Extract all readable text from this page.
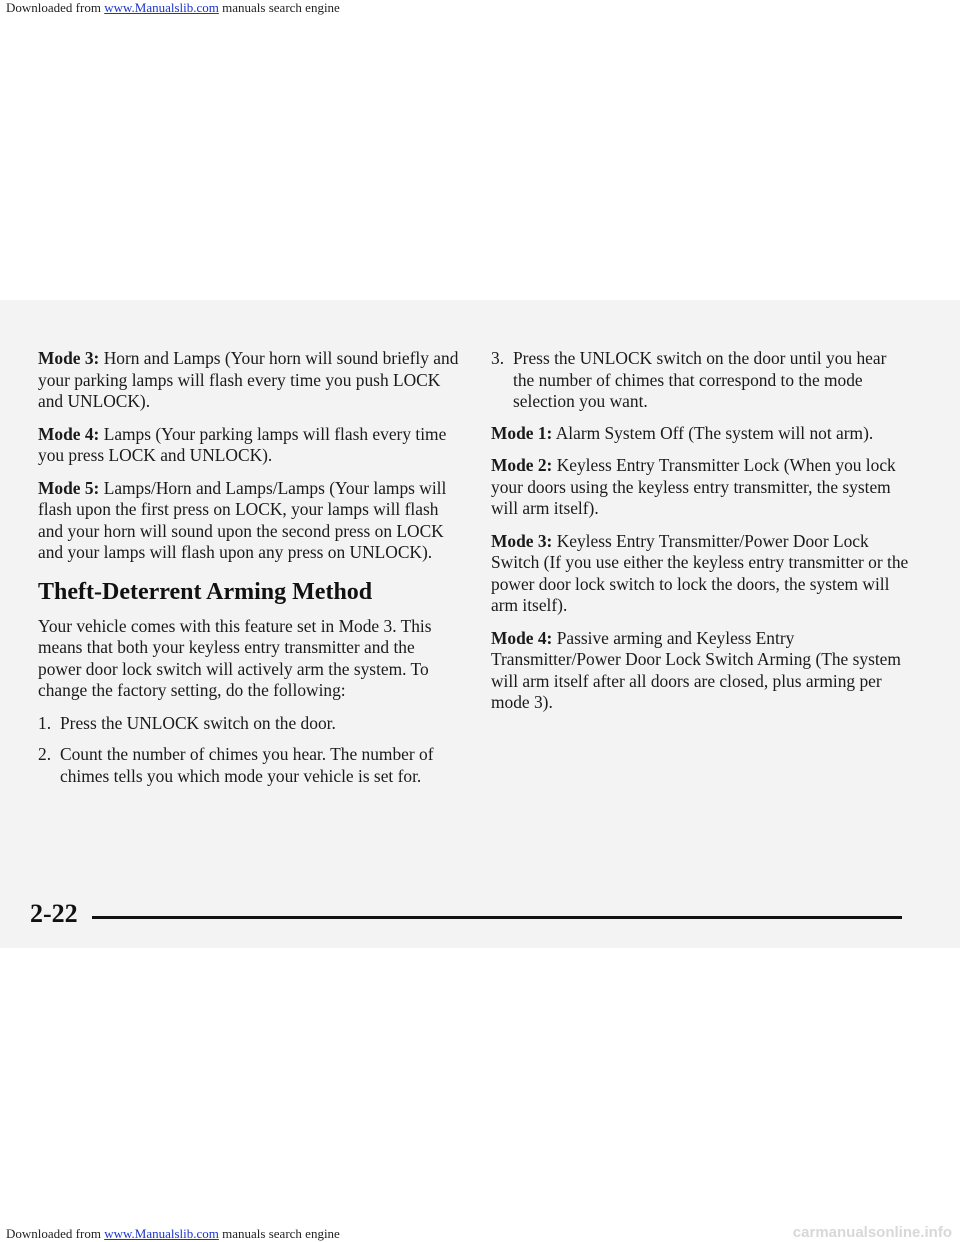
Downloaded from www.Manualslib.com manuals search engine

Mode 3: Horn and Lamps (Your horn will sound briefly and your parking lamps will flash every time you push LOCK and UNLOCK).

Mode 4: Lamps (Your parking lamps will flash every time you press LOCK and UNLOCK).

Mode 5: Lamps/Horn and Lamps/Lamps (Your lamps will flash upon the first press on LOCK, your lamps will flash and your horn will sound upon the second press on LOCK and your lamps will flash upon any press on UNLOCK).

Theft-Deterrent Arming Method

Your vehicle comes with this feature set in Mode 3. This means that both your keyless entry transmitter and the power door lock switch will actively arm the system. To change the factory setting, do the following:

1. Press the UNLOCK switch on the door.
2. Count the number of chimes you hear. The number of chimes tells you which mode your vehicle is set for.
3. Press the UNLOCK switch on the door until you hear the number of chimes that correspond to the mode selection you want.

Mode 1: Alarm System Off (The system will not arm).

Mode 2: Keyless Entry Transmitter Lock (When you lock your doors using the keyless entry transmitter, the system will arm itself).

Mode 3: Keyless Entry Transmitter/Power Door Lock Switch (If you use either the keyless entry transmitter or the power door lock switch to lock the doors, the system will arm itself).

Mode 4: Passive arming and Keyless Entry Transmitter/Power Door Lock Switch Arming (The system will arm itself after all doors are closed, plus arming per mode 3).

2-22
Downloaded from www.Manualslib.com manuals search engine	carmanualsonline.info
